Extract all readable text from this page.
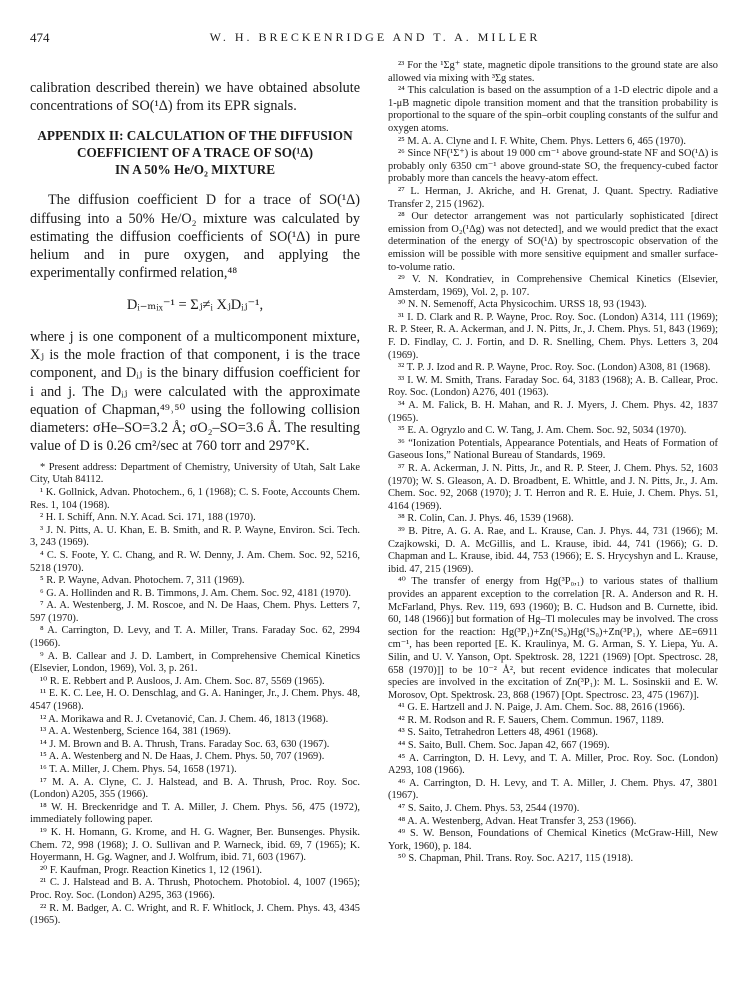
474	W. H. BRECKENRIDGE AND T. A. MILLER

calibration described therein) we have obtained absolute concentrations of SO(¹Δ) from its EPR signals.

APPENDIX II: CALCULATION OF THE DIFFUSION
COEFFICIENT OF A TRACE OF SO(¹Δ)
IN A 50% He/O₂ MIXTURE

The diffusion coefficient D for a trace of SO(¹Δ) diffusing into a 50% He/O₂ mixture was calculated by estimating the diffusion coefficients of SO(¹Δ) in pure helium and in pure oxygen, and applying the experimentally confirmed relation,⁴⁸

Dᵢ₋ₘᵢₓ⁻¹ = Σⱼ≠ᵢ XⱼDᵢⱼ⁻¹,

where j is one component of a multicomponent mixture, Xⱼ is the mole fraction of that component, i is the trace component, and Dᵢⱼ is the binary diffusion coefficient for i and j. The Dᵢⱼ were calculated with the approximate equation of Chapman,⁴⁹˒⁵⁰ using the following collision diameters: σHe–SO=3.2 Å; σO₂–SO=3.6 Å. The resulting value of D is 0.26 cm²/sec at 760 torr and 297°K.

* Present address: Department of Chemistry, University of Utah, Salt Lake City, Utah 84112.

¹ K. Gollnick, Advan. Photochem., 6, 1 (1968); C. S. Foote, Accounts Chem. Res. 1, 104 (1968).

² H. I. Schiff, Ann. N.Y. Acad. Sci. 171, 188 (1970).

³ J. N. Pitts, A. U. Khan, E. B. Smith, and R. P. Wayne, Environ. Sci. Tech. 3, 243 (1969).

⁴ C. S. Foote, Y. C. Chang, and R. W. Denny, J. Am. Chem. Soc. 92, 5216, 5218 (1970).

⁵ R. P. Wayne, Advan. Photochem. 7, 311 (1969).

⁶ G. A. Hollinden and R. B. Timmons, J. Am. Chem. Soc. 92, 4181 (1970).

⁷ A. A. Westenberg, J. M. Roscoe, and N. De Haas, Chem. Phys. Letters 7, 597 (1970).

⁸ A. Carrington, D. Levy, and T. A. Miller, Trans. Faraday Soc. 62, 2994 (1966).

⁹ A. B. Callear and J. D. Lambert, in Comprehensive Chemical Kinetics (Elsevier, London, 1969), Vol. 3, p. 261.

¹⁰ R. E. Rebbert and P. Ausloos, J. Am. Chem. Soc. 87, 5569 (1965).

¹¹ E. K. C. Lee, H. O. Denschlag, and G. A. Haninger, Jr., J. Chem. Phys. 48, 4547 (1968).

¹² A. Morikawa and R. J. Cvetanović, Can. J. Chem. 46, 1813 (1968).

¹³ A. A. Westenberg, Science 164, 381 (1969).

¹⁴ J. M. Brown and B. A. Thrush, Trans. Faraday Soc. 63, 630 (1967).

¹⁵ A. A. Westenberg and N. De Haas, J. Chem. Phys. 50, 707 (1969).

¹⁶ T. A. Miller, J. Chem. Phys. 54, 1658 (1971).

¹⁷ M. A. A. Clyne, C. J. Halstead, and B. A. Thrush, Proc. Roy. Soc. (London) A205, 355 (1966).

¹⁸ W. H. Breckenridge and T. A. Miller, J. Chem. Phys. 56, 475 (1972), immediately following paper.

¹⁹ K. H. Homann, G. Krome, and H. G. Wagner, Ber. Bunsenges. Physik. Chem. 72, 998 (1968); J. O. Sullivan and P. Warneck, ibid. 69, 7 (1965); K. Hoyermann, H. Gg. Wagner, and J. Wolfrum, ibid. 71, 603 (1967).

²⁰ F. Kaufman, Progr. Reaction Kinetics 1, 12 (1961).

²¹ C. J. Halstead and B. A. Thrush, Photochem. Photobiol. 4, 1007 (1965); Proc. Roy. Soc. (London) A295, 363 (1966).

²² R. M. Badger, A. C. Wright, and R. F. Whitlock, J. Chem. Phys. 43, 4345 (1965).

²³ For the ¹Σg⁺ state, magnetic dipole transitions to the ground state are also allowed via mixing with ³Σg states.

²⁴ This calculation is based on the assumption of a 1-D electric dipole and a 1-μB magnetic dipole transition moment and that the transition probability is proportional to the square of the spin–orbit coupling constants of the sulfur and oxygen atoms.

²⁵ M. A. A. Clyne and I. F. White, Chem. Phys. Letters 6, 465 (1970).

²⁶ Since NF(¹Σ⁺) is about 19 000 cm⁻¹ above ground-state NF and SO(¹Δ) is probably only 6350 cm⁻¹ above ground-state SO, the frequency-cubed factor probably more than cancels the heavy-atom effect.

²⁷ L. Herman, J. Akriche, and H. Grenat, J. Quant. Spectry. Radiative Transfer 2, 215 (1962).

²⁸ Our detector arrangement was not particularly sophisticated [direct emission from O₂(¹Δg) was not detected], and we would predict that the exact determination of the energy of SO(¹Δ) by spectroscopic observation of the emission will be possible with more sensitive equipment and smaller surface-to-volume ratio.

²⁹ V. N. Kondratiev, in Comprehensive Chemical Kinetics (Elsevier, Amsterdam, 1969), Vol. 2, p. 107.

³⁰ N. N. Semenoff, Acta Physicochim. URSS 18, 93 (1943).

³¹ I. D. Clark and R. P. Wayne, Proc. Roy. Soc. (London) A314, 111 (1969); R. P. Steer, R. A. Ackerman, and J. N. Pitts, Jr., J. Chem. Phys. 51, 843 (1969); F. D. Findlay, C. J. Fortin, and D. R. Snelling, Chem. Phys. Letters 3, 204 (1969).

³² T. P. J. Izod and R. P. Wayne, Proc. Roy. Soc. (London) A308, 81 (1968).

³³ I. W. M. Smith, Trans. Faraday Soc. 64, 3183 (1968); A. B. Callear, Proc. Roy. Soc. (London) A276, 401 (1963).

³⁴ A. M. Falick, B. H. Mahan, and R. J. Myers, J. Chem. Phys. 42, 1837 (1965).

³⁵ E. A. Ogryzlo and C. W. Tang, J. Am. Chem. Soc. 92, 5034 (1970).

³⁶ “Ionization Potentials, Appearance Potentials, and Heats of Formation of Gaseous Ions,” National Bureau of Standards, 1969.

³⁷ R. A. Ackerman, J. N. Pitts, Jr., and R. P. Steer, J. Chem. Phys. 52, 1603 (1970); W. S. Gleason, A. D. Broadbent, E. Whittle, and J. N. Pitts, Jr., J. Am. Chem. Soc. 92, 2068 (1970); J. T. Herron and R. E. Huie, J. Chem. Phys. 51, 4164 (1969).

³⁸ R. Colin, Can. J. Phys. 46, 1539 (1968).

³⁹ B. Pitre, A. G. A. Rae, and L. Krause, Can. J. Phys. 44, 731 (1966); M. Czajkowski, D. A. McGillis, and L. Krause, ibid. 44, 741 (1966); G. D. Chapman and L. Krause, ibid. 44, 753 (1966); E. S. Hrycyshyn and L. Krause, ibid. 47, 215 (1969).

⁴⁰ The transfer of energy from Hg(³P₀,₁) to various states of thallium provides an apparent exception to the correlation [R. A. Anderson and R. H. McFarland, Phys. Rev. 119, 693 (1960); B. C. Hudson and B. Curnette, ibid. 60, 148 (1966)] but formation of Hg–Tl molecules may be involved. The cross section for the reaction: Hg(³P₁)+Zn(¹S₀)Hg(¹S₀)+Zn(³P₁), where ΔE=6911 cm⁻¹, has been reported [E. K. Kraulinya, M. G. Arman, S. Y. Liepa, Yu. A. Silin, and U. V. Yanson, Opt. Spektrosk. 28, 1221 (1969) [Opt. Spectrosc. 28, 658 (1970)]] to be 10⁻² Å², but recent evidence indicates that molecular species are involved in the excitation of Zn(³P₁): M. L. Sosinskii and E. W. Morosov, Opt. Spektrosk. 23, 868 (1967) [Opt. Spectrosc. 23, 475 (1967)].

⁴¹ G. E. Hartzell and J. N. Paige, J. Am. Chem. Soc. 88, 2616 (1966).

⁴² R. M. Rodson and R. F. Sauers, Chem. Commun. 1967, 1189.

⁴³ S. Saito, Tetrahedron Letters 48, 4961 (1968).

⁴⁴ S. Saito, Bull. Chem. Soc. Japan 42, 667 (1969).

⁴⁵ A. Carrington, D. H. Levy, and T. A. Miller, Proc. Roy. Soc. (London) A293, 108 (1966).

⁴⁶ A. Carrington, D. H. Levy, and T. A. Miller, J. Chem. Phys. 47, 3801 (1967).

⁴⁷ S. Saito, J. Chem. Phys. 53, 2544 (1970).

⁴⁸ A. A. Westenberg, Advan. Heat Transfer 3, 253 (1966).

⁴⁹ S. W. Benson, Foundations of Chemical Kinetics (McGraw-Hill, New York, 1960), p. 184.

⁵⁰ S. Chapman, Phil. Trans. Roy. Soc. A217, 115 (1918).
